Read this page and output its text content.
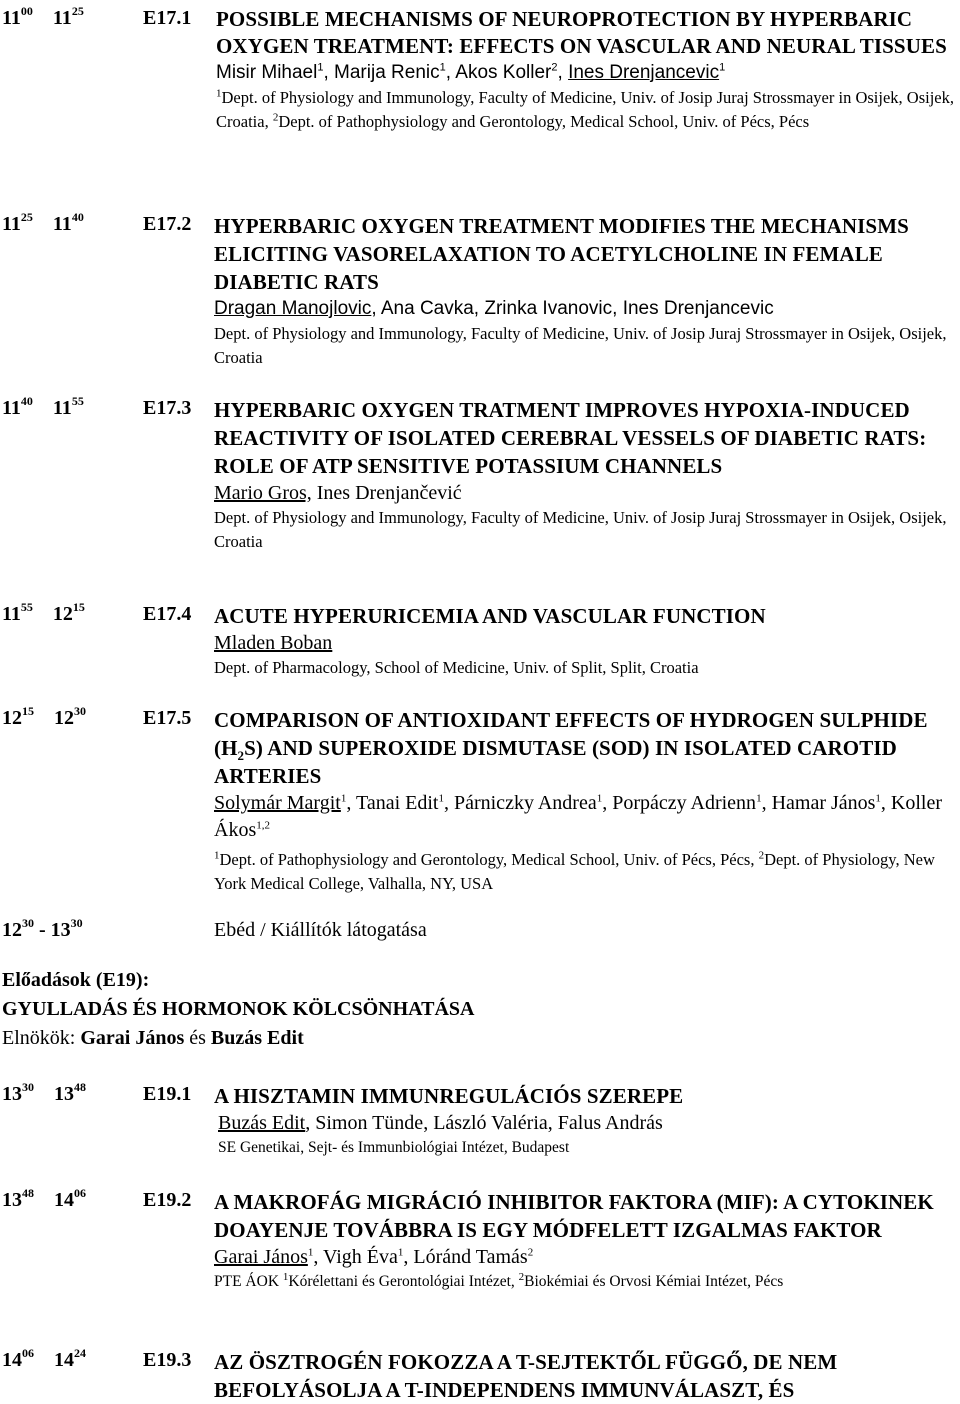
$11^{00}$ $11^{25}$	E17.1 POSSIBLE MECHANISMS OF NEUROPROTECTION BY HYPERBARIC OXYGEN TREATMENT: EFFECTS ON VASCULAR AND NEURAL TISSUES

Misir Mihael$^1$, Marija Renic$^1$, Akos Koller$^2$, Ines Drenjancevic$^1$

$^1$Dept. of Physiology and Immunology, Faculty of Medicine, Univ. of Josip Juraj Strossmayer in Osijek, Osijek, Croatia, $^2$Dept. of Pathophysiology and Gerontology, Medical School, Univ. of Pécs, Pécs

$11^{25}$ $11^{40}$	E17.2 HYPERBARIC OXYGEN TREATMENT MODIFIES THE MECHANISMS ELICITING VASORELAXATION TO ACETYLCHOLINE IN FEMALE DIABETIC RATS

Dragan Manojlovic, Ana Cavka, Zrinka Ivanovic, Ines Drenjancevic

Dept. of Physiology and Immunology, Faculty of Medicine, Univ. of Josip Juraj Strossmayer in Osijek, Osijek, Croatia

$11^{40}$ $11^{55}$	E17.3 HYPERBARIC OXYGEN TRATMENT IMPROVES HYPOXIA-INDUCED REACTIVITY OF ISOLATED CEREBRAL VESSELS OF DIABETIC RATS: ROLE OF ATP SENSITIVE POTASSIUM CHANNELS

Mario Gros, Ines Drenjančević

Dept. of Physiology and Immunology, Faculty of Medicine, Univ. of Josip Juraj Strossmayer in Osijek, Osijek, Croatia

$11^{55}$ $12^{15}$	E17.4 ACUTE HYPERURICEMIA AND VASCULAR FUNCTION

Mladen Boban

Dept. of Pharmacology, School of Medicine, Univ. of Split, Split, Croatia

$12^{15}$ $12^{30}$	E17.5 COMPARISON OF ANTIOXIDANT EFFECTS OF HYDROGEN SULPHIDE $(H_2S)$ AND SUPEROXIDE DISMUTASE (SOD) IN ISOLATED CAROTID ARTERIES

Solymár Margit$^1$, Tanai Edit$^1$, Párniczky Andrea$^1$, Porpáczy Adrienn$^1$, Hamar János$^1$, Koller Ákos$^{1,2}$

$^1$Dept. of Pathophysiology and Gerontology, Medical School, Univ. of Pécs, Pécs, $^2$Dept. of Physiology, New York Medical College, Valhalla, NY, USA

$12^{30} - 13^{30}$	Ebéd / Kiállítók látogatása

Előadások (E19):

GYULLADÁS ÉS HORMONOK KÖLCSÖNHATÁSA

Elnökök: Garai János és Buzás Edit

$13^{30}$ $13^{48}$	E19.1 A HISZTAMIN IMMUNREGULÁCIÓS SZEREPE

Buzás Edit, Simon Tünde, László Valéria, Falus András

SE Genetikai, Sejt- és Immunbiológiai Intézet, Budapest

$13^{48}$ $14^{06}$	E19.2 A MAKROFÁG MIGRÁCIÓ INHIBITOR FAKTORA (MIF): A CYTOKINEK DOAYENJE TOVÁBBRA IS EGY MÓDFELETT IZGALMAS FAKTOR

Garai János$^1$, Vigh Éva$^1$, Lóránd Tamás$^2$

PTE ÁOK $^1$Kórélettani és Gerontológiai Intézet, $^2$Biokémiai és Orvosi Kémiai Intézet, Pécs

$14^{06}$ $14^{24}$	E19.3 AZ ÖSZTROGÉN FOKOZZA A T-SEJTEKTŐL FÜGGŐ, DE NEM BEFOLYÁSOLJA A T-INDEPENDENS IMMUNVÁLASZT, ÉS
